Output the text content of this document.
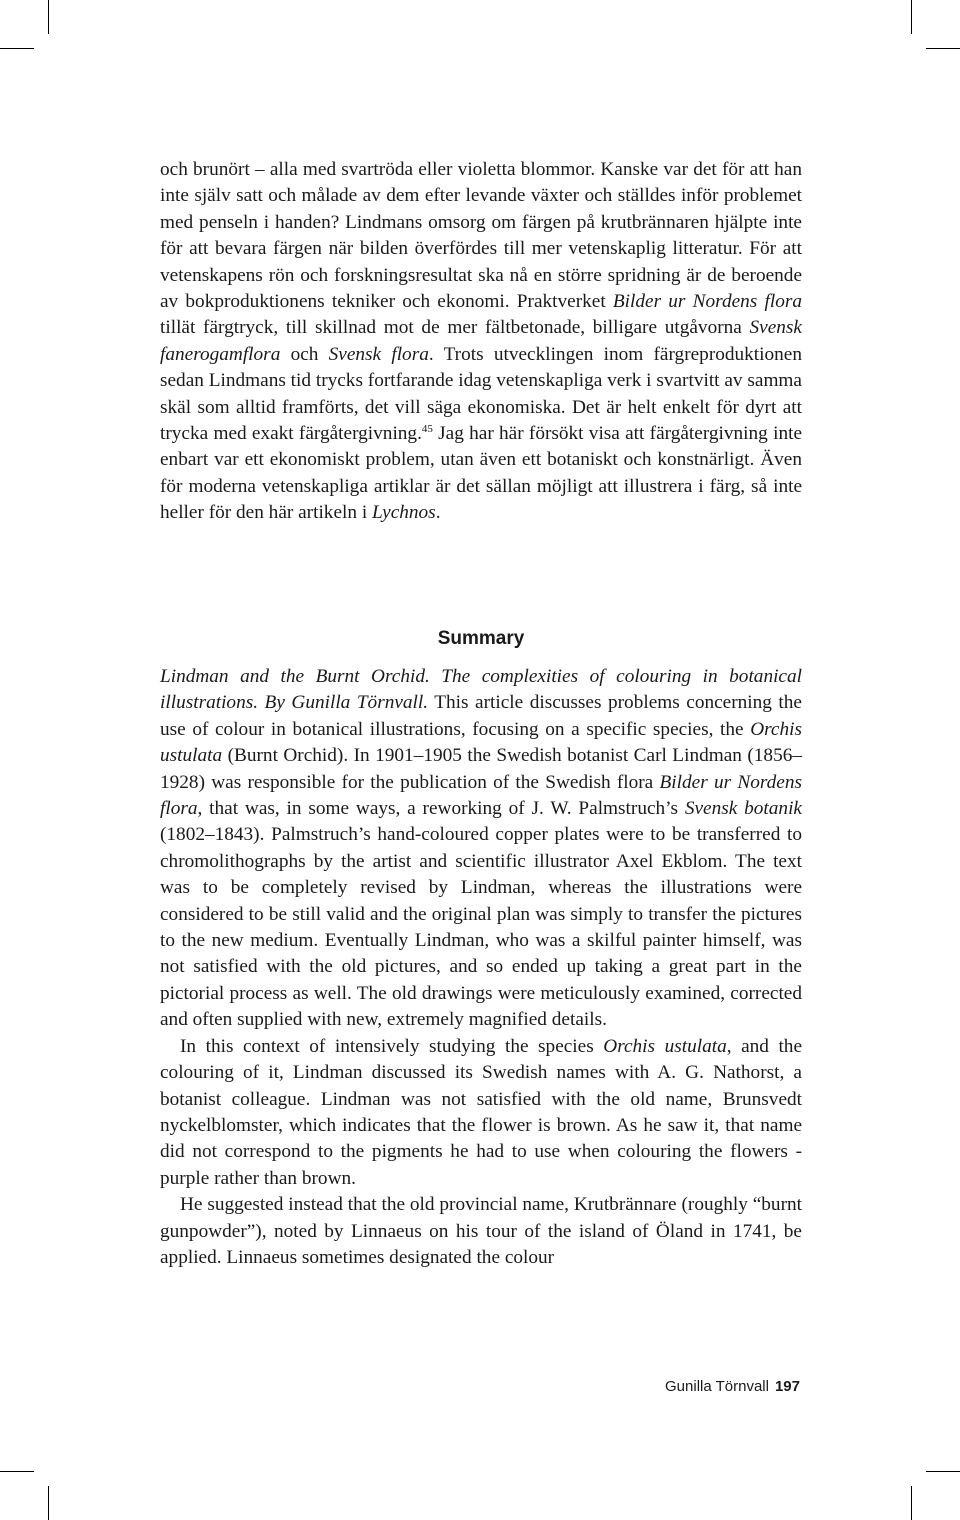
och brunört – alla med svartröda eller violetta blommor. Kanske var det för att han inte själv satt och målade av dem efter levande växter och ställdes inför problemet med penseln i handen? Lindmans omsorg om färgen på krutbrännaren hjälpte inte för att bevara färgen när bilden överfördes till mer vetenskaplig litteratur. För att vetenskapens rön och forskningsresultat ska nå en större spridning är de beroende av bokproduktionens tekniker och ekonomi. Praktverket Bilder ur Nordens flora tillät färgtryck, till skillnad mot de mer fältbetonade, billigare utgåvorna Svensk fanerogamflora och Svensk flora. Trots utvecklingen inom färgreproduktionen sedan Lindmans tid trycks fortfarande idag vetenskapliga verk i svartvitt av samma skäl som alltid framförts, det vill säga ekonomiska. Det är helt enkelt för dyrt att trycka med exakt färgåtergivning.$^{45}$ Jag har här försökt visa att färgåtergivning inte enbart var ett ekonomiskt problem, utan även ett botaniskt och konstnärligt. Även för moderna vetenskapliga artiklar är det sällan möjligt att illustrera i färg, så inte heller för den här artikeln i Lychnos.

Summary

Lindman and the Burnt Orchid. The complexities of colouring in botanical illustrations. By Gunilla Törnvall. This article discusses problems concerning the use of colour in botanical illustrations, focusing on a specific species, the Orchis ustulata (Burnt Orchid). In 1901–1905 the Swedish botanist Carl Lindman (1856–1928) was responsible for the publication of the Swedish flora Bilder ur Nordens flora, that was, in some ways, a reworking of J. W. Palmstruch’s Svensk botanik (1802–1843). Palmstruch’s hand-coloured copper plates were to be transferred to chromolithographs by the artist and scientific illustrator Axel Ekblom. The text was to be completely revised by Lindman, whereas the illustrations were considered to be still valid and the original plan was simply to transfer the pictures to the new medium. Eventually Lindman, who was a skilful painter himself, was not satisfied with the old pictures, and so ended up taking a great part in the pictorial process as well. The old drawings were meticulously examined, corrected and often supplied with new, extremely magnified details.

In this context of intensively studying the species Orchis ustulata, and the colouring of it, Lindman discussed its Swedish names with A. G. Nathorst, a botanist colleague. Lindman was not satisfied with the old name, Brunsvedt nyckelblomster, which indicates that the flower is brown. As he saw it, that name did not correspond to the pigments he had to use when colouring the flowers - purple rather than brown.

He suggested instead that the old provincial name, Krutbrännare (roughly “burnt gunpowder”), noted by Linnaeus on his tour of the island of Öland in 1741, be applied. Linnaeus sometimes designated the colour

Gunilla Törnvall 197
